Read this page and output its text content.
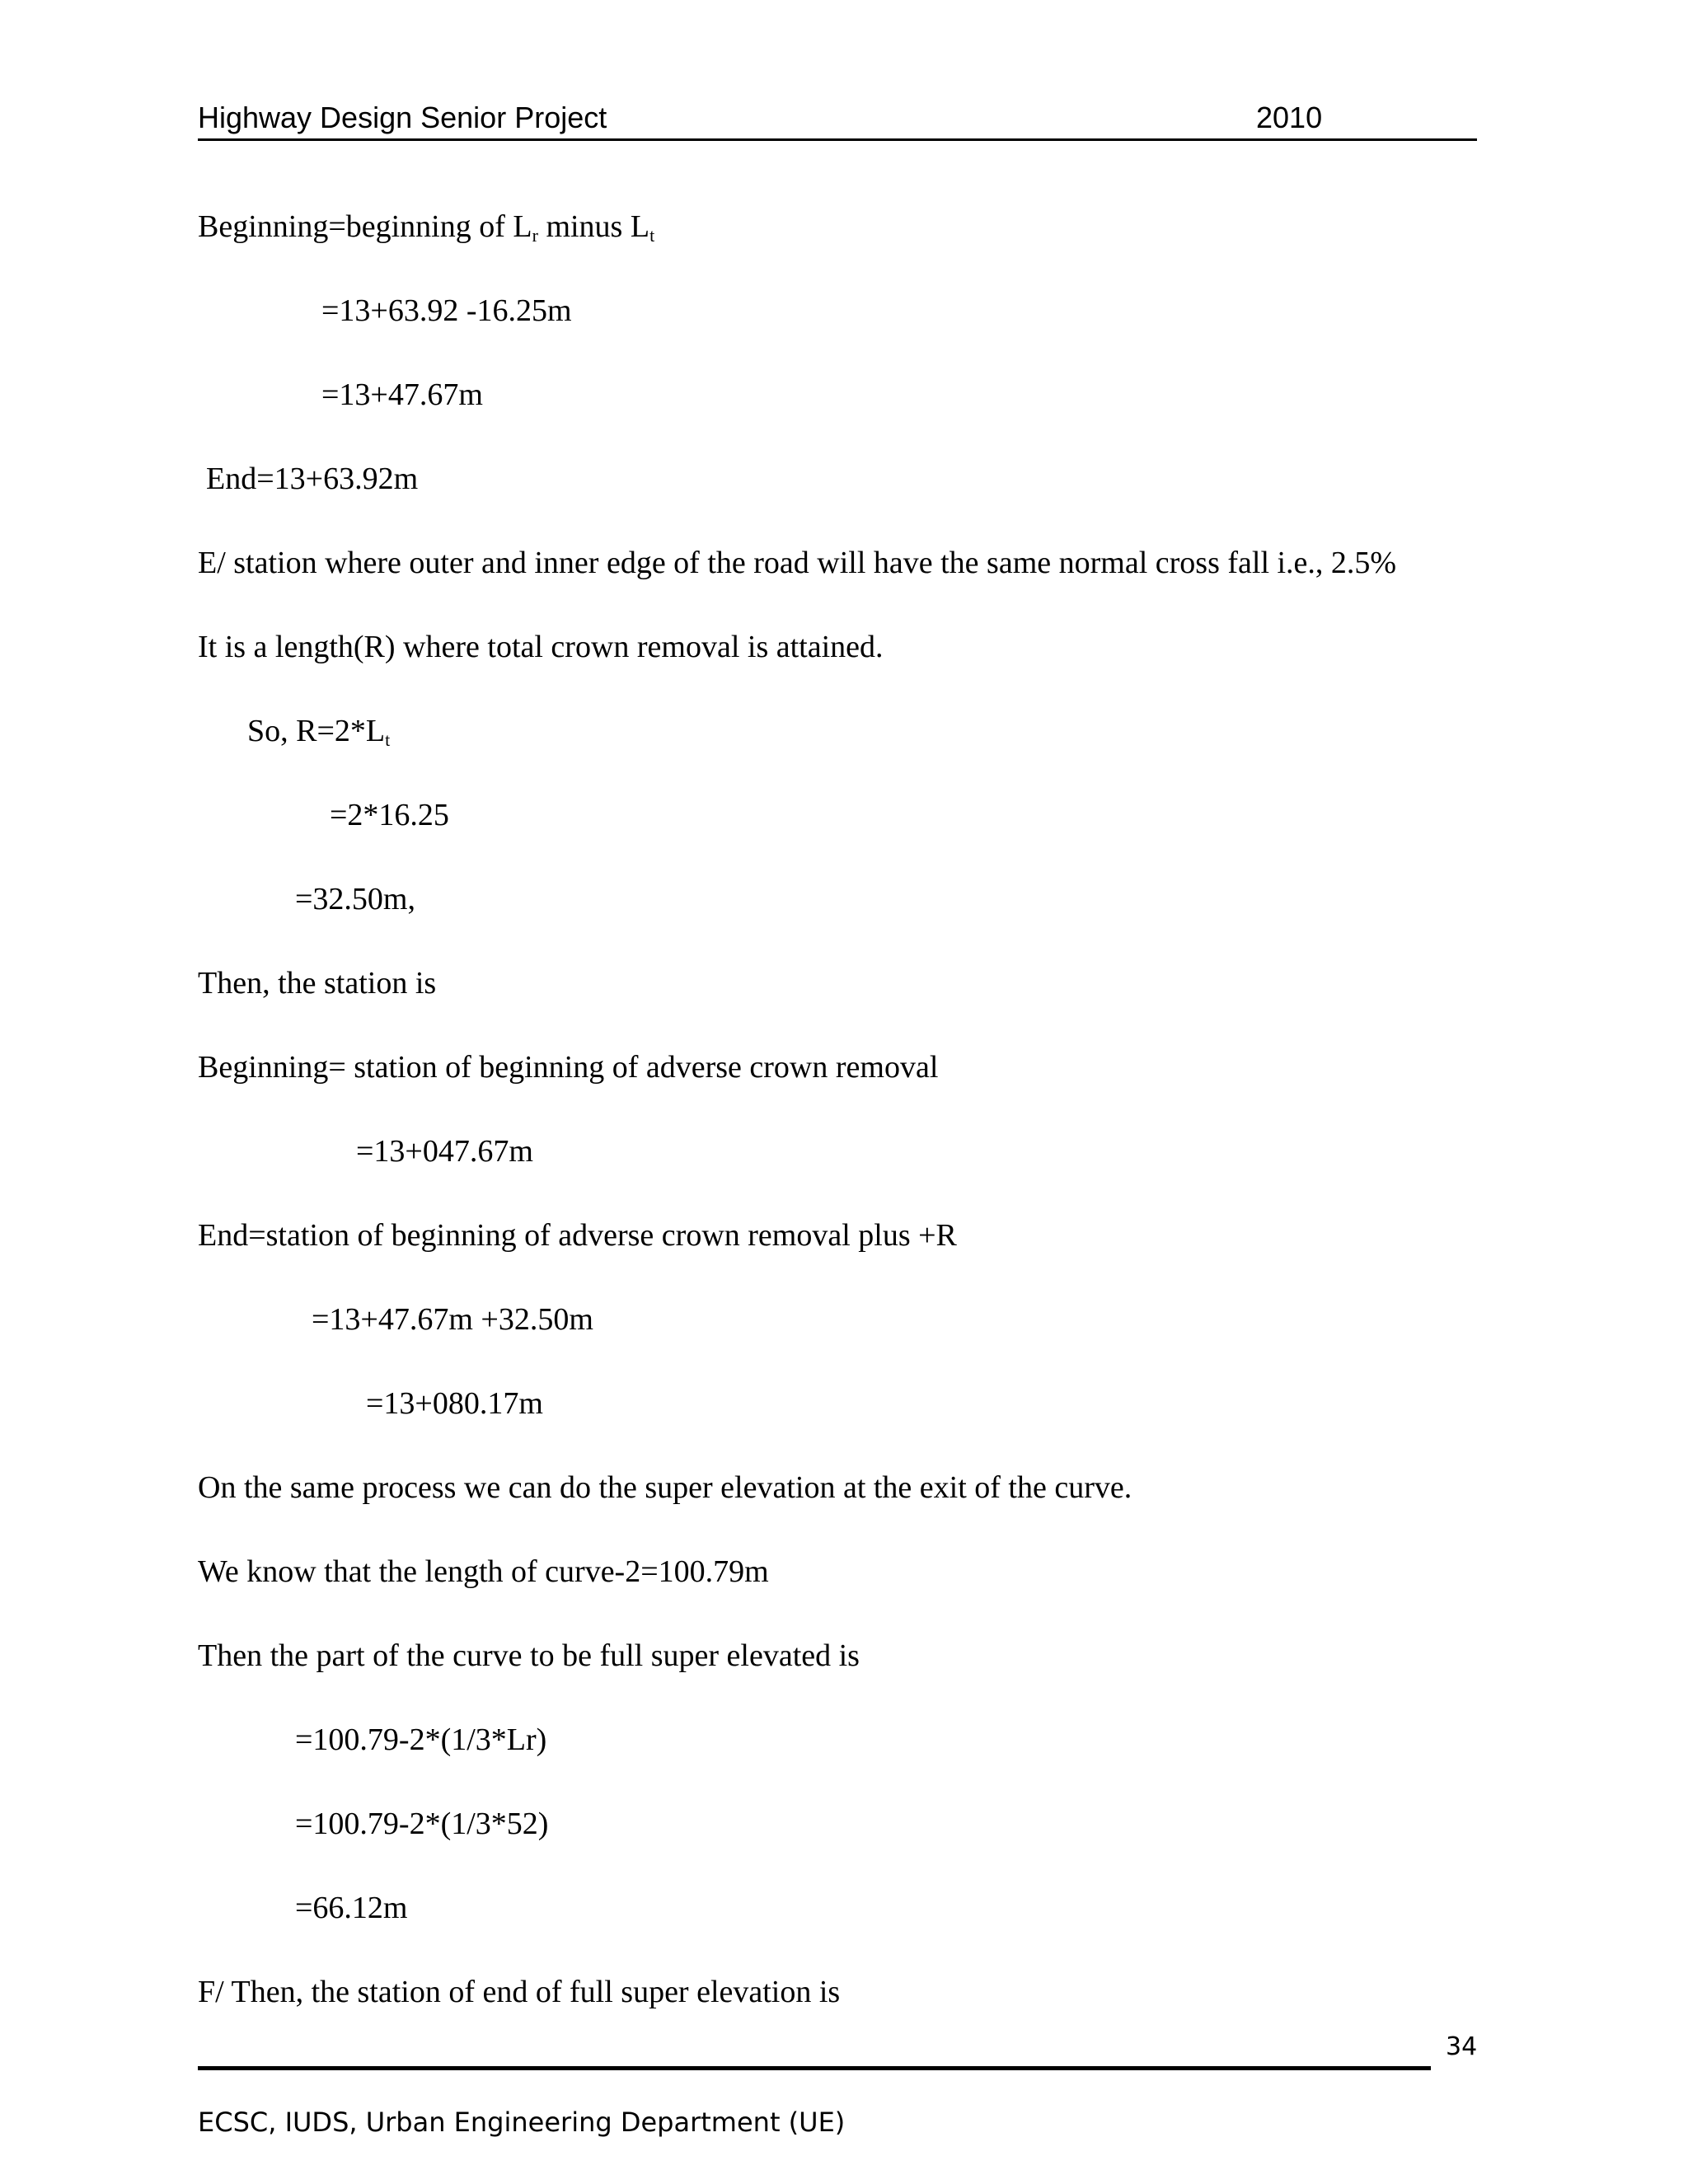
Highway Design Senior Project	2010
Beginning=beginning of $L_r$ minus $L_t$
=13+63.92 -16.25m
=13+47.67m
End=13+63.92m
E/ station where outer and inner edge of the road will have the same normal cross fall i.e., 2.5%
It is a length(R) where total crown removal is attained.
So, $R=2*L_t$
=2*16.25
=32.50m,
Then, the station is
Beginning= station of beginning of adverse crown removal
=13+047.67m
End=station of beginning of adverse crown removal plus +R
=13+47.67m +32.50m
=13+080.17m
On the same process we can do the super elevation at the exit of the curve.
We know that the length of curve-2=100.79m
Then the part of the curve to be full super elevated is
=100.79-2*(1/3*Lr)
=100.79-2*(1/3*52)
=66.12m
F/ Then, the station of end of full super elevation is
34
ECSC, IUDS, Urban Engineering Department (UE)
